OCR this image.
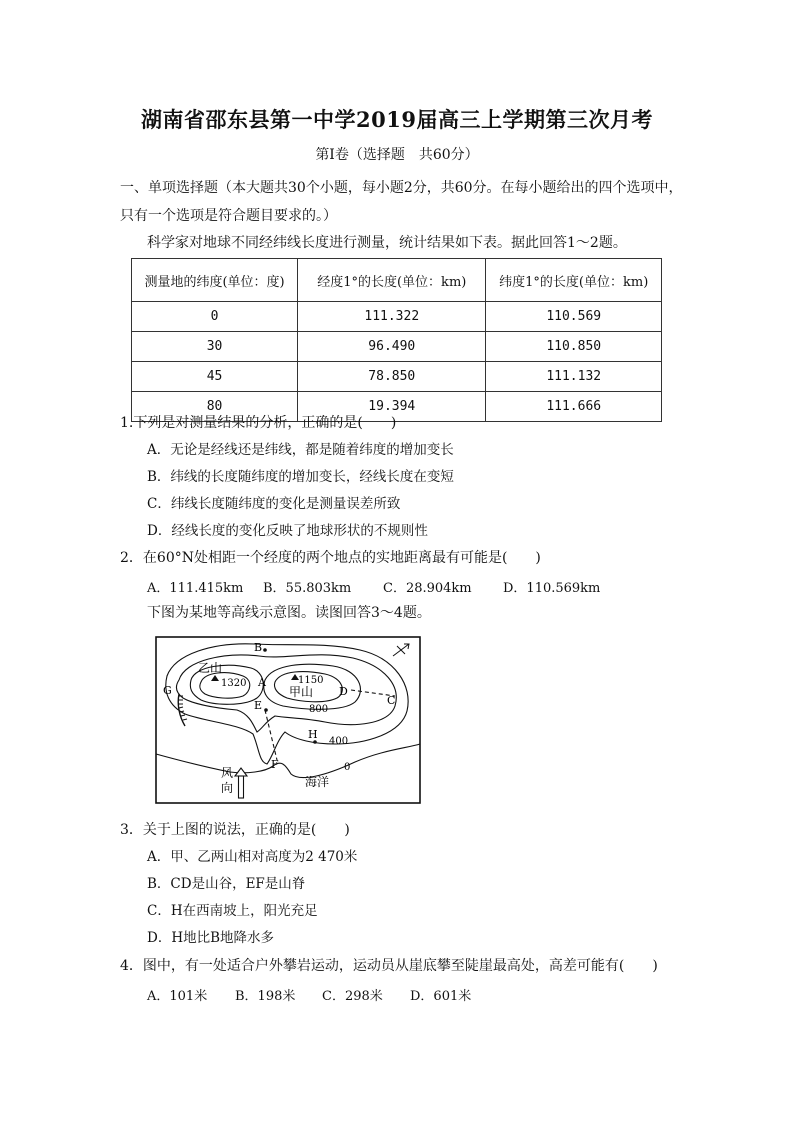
湖南省邵东县第一中学2019届高三上学期第三次月考
第Ⅰ卷（选择题　共60分）
一、单项选择题（本大题共30个小题，每小题2分，共60分。在每小题给出的四个选项中，
只有一个选项是符合题目要求的。）
科学家对地球不同经纬线长度进行测量，统计结果如下表。据此回答1～2题。
测量地的纬度(单位：度)	经度1°的长度(单位：km)	纬度1°的长度(单位：km)
0	111.322	110.569
30	96.490	110.850
45	78.850	111.132
80	19.394	111.666
1.下列是对测量结果的分析，正确的是(　　)
A．无论是经线还是纬线，都是随着纬度的增加变长
B．纬线的长度随纬度的增加变长，经线长度在变短
C．纬线长度随纬度的变化是测量误差所致
D．经线长度的变化反映了地球形状的不规则性
2．在60°N处相距一个经度的两个地点的实地距离最有可能是(　　)
A．111.415km B．55.803km C．28.904km D．110.569km
下图为某地等高线示意图。读图回答3～4题。
B
乙山
1320 A	1150
甲山 D
C
G
E	800
H
400
F	0
风
向	海洋
3．关于上图的说法，正确的是(　　)
A．甲、乙两山相对高度为2 470米
B．CD是山谷，EF是山脊
C．H在西南坡上，阳光充足
D．H地比B地降水多
4．图中，有一处适合户外攀岩运动，运动员从崖底攀至陡崖最高处，高差可能有(　　)
A．101米 B．198米 C．298米 D．601米
